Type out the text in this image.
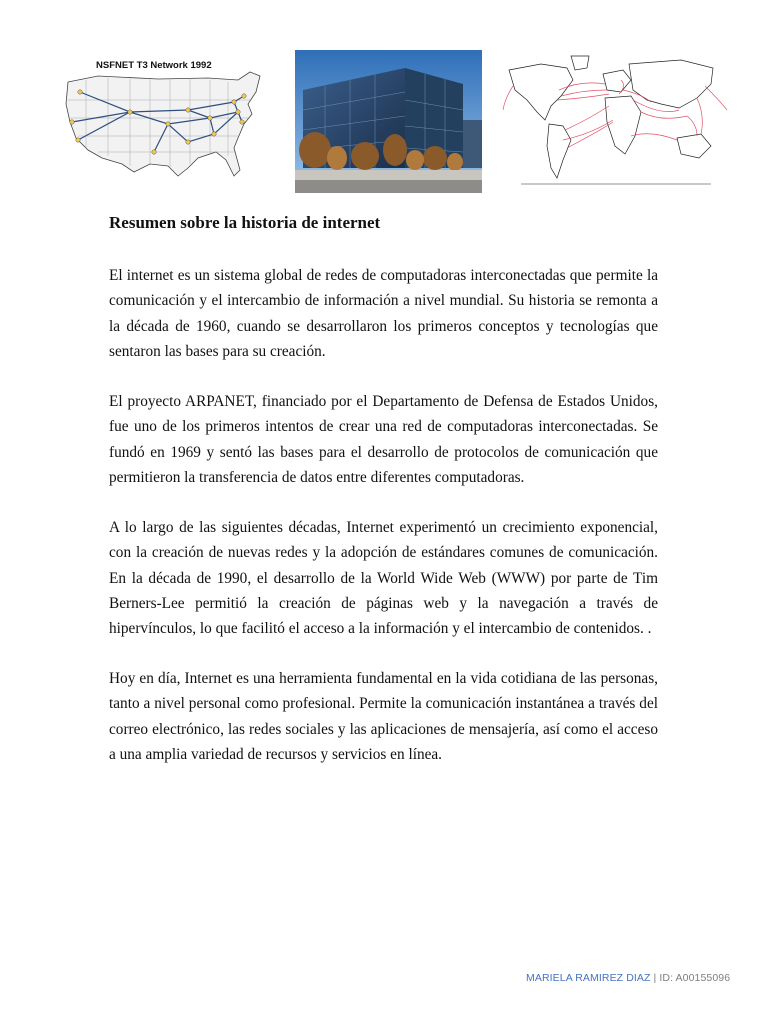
NSFNET T3 Network 1992
Resumen sobre la historia de internet

El internet es un sistema global de redes de computadoras interconectadas que permite la comunicación y el intercambio de información a nivel mundial. Su historia se remonta a la década de 1960, cuando se desarrollaron los primeros conceptos y tecnologías que sentaron las bases para su creación.

El proyecto ARPANET, financiado por el Departamento de Defensa de Estados Unidos, fue uno de los primeros intentos de crear una red de computadoras interconectadas. Se fundó en 1969 y sentó las bases para el desarrollo de protocolos de comunicación que permitieron la transferencia de datos entre diferentes computadoras.

A lo largo de las siguientes décadas, Internet experimentó un crecimiento exponencial, con la creación de nuevas redes y la adopción de estándares comunes de comunicación. En la década de 1990, el desarrollo de la World Wide Web (WWW) por parte de Tim Berners-Lee permitió la creación de páginas web y la navegación a través de hipervínculos, lo que facilitó el acceso a la información y el intercambio de contenidos. .

Hoy en día, Internet es una herramienta fundamental en la vida cotidiana de las personas, tanto a nivel personal como profesional. Permite la comunicación instantánea a través del correo electrónico, las redes sociales y las aplicaciones de mensajería, así como el acceso a una amplia variedad de recursos y servicios en línea.

MARIELA RAMIREZ DIAZ | ID: A00155096
